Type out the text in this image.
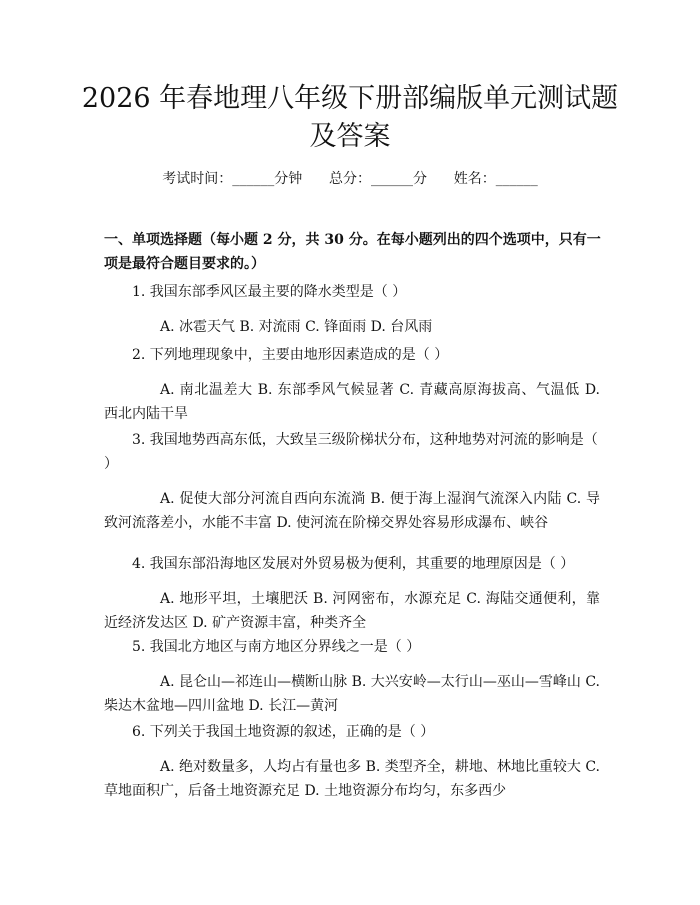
2026 年春地理八年级下册部编版单元测试题
及答案
考试时间：______分钟      总分：______分      姓名：______
一、单项选择题（每小题 2 分，共 30 分。在每小题列出的四个选项中，只有一项是最符合题目要求的。）
1. 我国东部季风区最主要的降水类型是（ ）
A. 冰雹天气 B. 对流雨 C. 锋面雨 D. 台风雨
2. 下列地理现象中，主要由地形因素造成的是（ ）
A. 南北温差大 B. 东部季风气候显著 C. 青藏高原海拔高、气温低 D. 西北内陆干旱
3. 我国地势西高东低，大致呈三级阶梯状分布，这种地势对河流的影响是（ ）
A. 促使大部分河流自西向东流淌 B. 便于海上湿润气流深入内陆 C. 导致河流落差小，水能不丰富 D. 使河流在阶梯交界处容易形成瀑布、峡谷
4. 我国东部沿海地区发展对外贸易极为便利，其重要的地理原因是（ ）
A. 地形平坦，土壤肥沃 B. 河网密布，水源充足 C. 海陆交通便利，靠近经济发达区 D. 矿产资源丰富，种类齐全
5. 我国北方地区与南方地区分界线之一是（ ）
A. 昆仑山—祁连山—横断山脉 B. 大兴安岭—太行山—巫山—雪峰山 C. 柴达木盆地—四川盆地 D. 长江—黄河
6. 下列关于我国土地资源的叙述，正确的是（ ）
A. 绝对数量多，人均占有量也多 B. 类型齐全，耕地、林地比重较大 C. 草地面积广，后备土地资源充足 D. 土地资源分布均匀，东多西少
